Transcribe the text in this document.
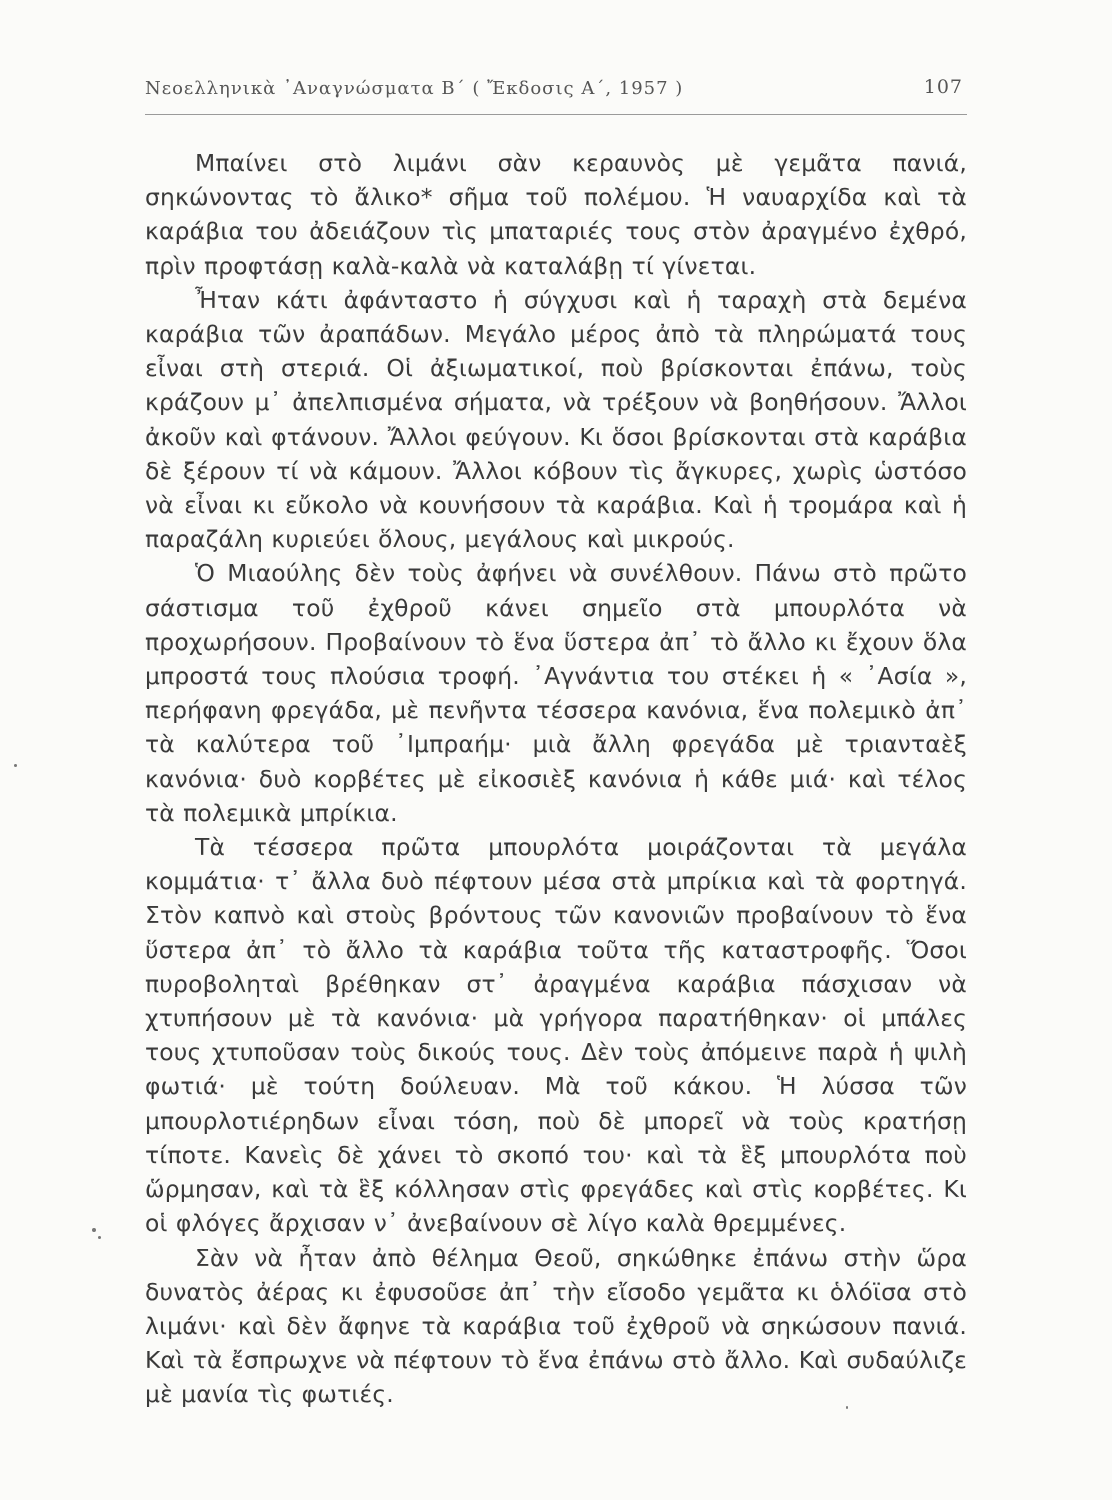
Νεοελληνικὰ ᾿Αναγνώσματα Β΄ ( Ἔκδοσις Α΄, 1957 )	107

Μπαίνει στὸ λιμάνι σὰν κεραυνὸς μὲ γεμᾶτα πανιά, σηκώνοντας τὸ ἄλικο* σῆμα τοῦ πολέμου. Ἡ ναυαρχίδα καὶ τὰ καράβια του ἀδειάζουν τὶς μπαταριές τους στὸν ἀραγμένο ἐχθρό, πρὶν προφτάσῃ καλὰ-καλὰ νὰ καταλάβῃ τί γίνεται.

Ἦταν κάτι ἀφάνταστο ἡ σύγχυσι καὶ ἡ ταραχὴ στὰ δεμένα καράβια τῶν ἀραπάδων. Μεγάλο μέρος ἀπὸ τὰ πληρώματά τους εἶναι στὴ στεριά. Οἱ ἀξιωματικοί, ποὺ βρίσκονται ἐπάνω, τοὺς κράζουν μ᾿ ἀπελπισμένα σήματα, νὰ τρέξουν νὰ βοηθήσουν. Ἄλλοι ἀκοῦν καὶ φτάνουν. Ἄλλοι φεύγουν. Κι ὅσοι βρίσκονται στὰ καράβια δὲ ξέρουν τί νὰ κάμουν. Ἄλλοι κόβουν τὶς ἄγκυρες, χωρὶς ὡστόσο νὰ εἶναι κι εὔκολο νὰ κουνήσουν τὰ καράβια. Καὶ ἡ τρομάρα καὶ ἡ παραζάλη κυριεύει ὅλους, μεγάλους καὶ μικρούς.

Ὁ Μιαούλης δὲν τοὺς ἀφήνει νὰ συνέλθουν. Πάνω στὸ πρῶτο σάστισμα τοῦ ἐχθροῦ κάνει σημεῖο στὰ μπουρλότα νὰ προχωρήσουν. Προβαίνουν τὸ ἕνα ὕστερα ἀπ᾿ τὸ ἄλλο κι ἔχουν ὅλα μπροστά τους πλούσια τροφή. ᾿Αγνάντια του στέκει ἡ « ᾿Ασία », περήφανη φρεγάδα, μὲ πενῆντα τέσσερα κανόνια, ἕνα πολεμικὸ ἀπ᾿ τὰ καλύτερα τοῦ ᾿Ιμπραήμ· μιὰ ἄλλη φρεγάδα μὲ τριανταὲξ κανόνια· δυὸ κορβέτες μὲ εἰκοσιὲξ κανόνια ἡ κάθε μιά· καὶ τέλος τὰ πολεμικὰ μπρίκια.

Τὰ τέσσερα πρῶτα μπουρλότα μοιράζονται τὰ μεγάλα κομμάτια· τ᾿ ἄλλα δυὸ πέφτουν μέσα στὰ μπρίκια καὶ τὰ φορτηγά. Στὸν καπνὸ καὶ στοὺς βρόντους τῶν κανονιῶν προβαίνουν τὸ ἕνα ὕστερα ἀπ᾿ τὸ ἄλλο τὰ καράβια τοῦτα τῆς καταστροφῆς. Ὅσοι πυροβοληταὶ βρέθηκαν στ᾿ ἀραγμένα καράβια πάσχισαν νὰ χτυπήσουν μὲ τὰ κανόνια· μὰ γρήγορα παρατήθηκαν· οἱ μπάλες τους χτυποῦσαν τοὺς δικούς τους. Δὲν τοὺς ἀπόμεινε παρὰ ἡ ψιλὴ φωτιά· μὲ τούτη δούλευαν. Μὰ τοῦ κάκου. Ἡ λύσσα τῶν μπουρλοτιέρηδων εἶναι τόση, ποὺ δὲ μπορεῖ νὰ τοὺς κρατήσῃ τίποτε. Κανεὶς δὲ χάνει τὸ σκοπό του· καὶ τὰ ἓξ μπουρλότα ποὺ ὥρμησαν, καὶ τὰ ἓξ κόλλησαν στὶς φρεγάδες καὶ στὶς κορβέτες. Κι οἱ φλόγες ἄρχισαν ν᾿ ἀνεβαίνουν σὲ λίγο καλὰ θρεμμένες.

Σὰν νὰ ἦταν ἀπὸ θέλημα Θεοῦ, σηκώθηκε ἐπάνω στὴν ὥρα δυνατὸς ἀέρας κι ἐφυσοῦσε ἀπ᾿ τὴν εἴσοδο γεμᾶτα κι ὁλόϊσα στὸ λιμάνι· καὶ δὲν ἄφηνε τὰ καράβια τοῦ ἐχθροῦ νὰ σηκώσουν πανιά. Καὶ τὰ ἔσπρωχνε νὰ πέφτουν τὸ ἕνα ἐπάνω στὸ ἄλλο. Καὶ συδαύλιζε μὲ μανία τὶς φωτιές.
